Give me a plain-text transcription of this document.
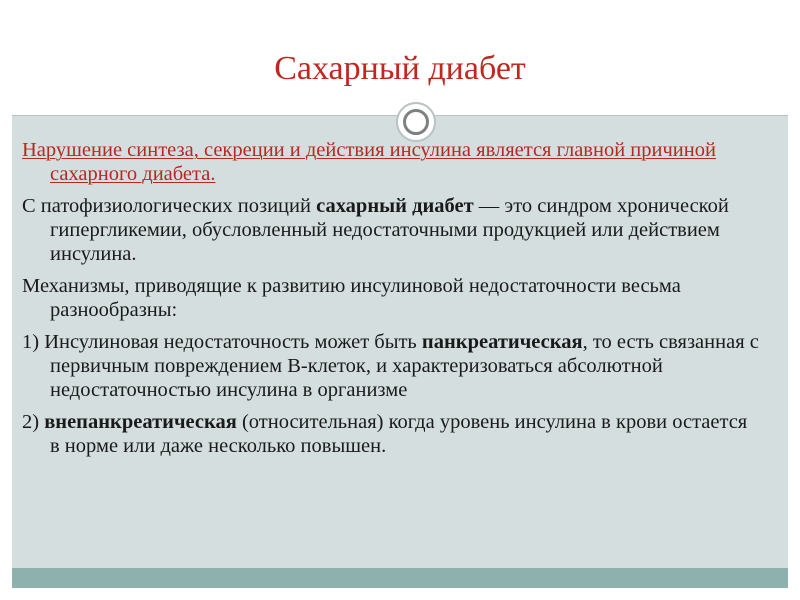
Сахарный диабет

Нарушение синтеза, секреции и действия инсулина является главной причиной сахарного диабета.

С патофизиологических позиций сахарный диабет — это синдром хронической гипергликемии, обусловленный недостаточными продукцией или действием инсулина.

Механизмы, приводящие к развитию инсулиновой недостаточности весьма разнообразны:

1) Инсулиновая недостаточность может быть панкреатическая, то есть связанная с первичным повреждением В-клеток, и характеризоваться абсолютной недостаточностью инсулина в организме

2) внепанкреатическая (относительная) когда уровень инсулина в крови остается в норме или даже несколько повышен.
